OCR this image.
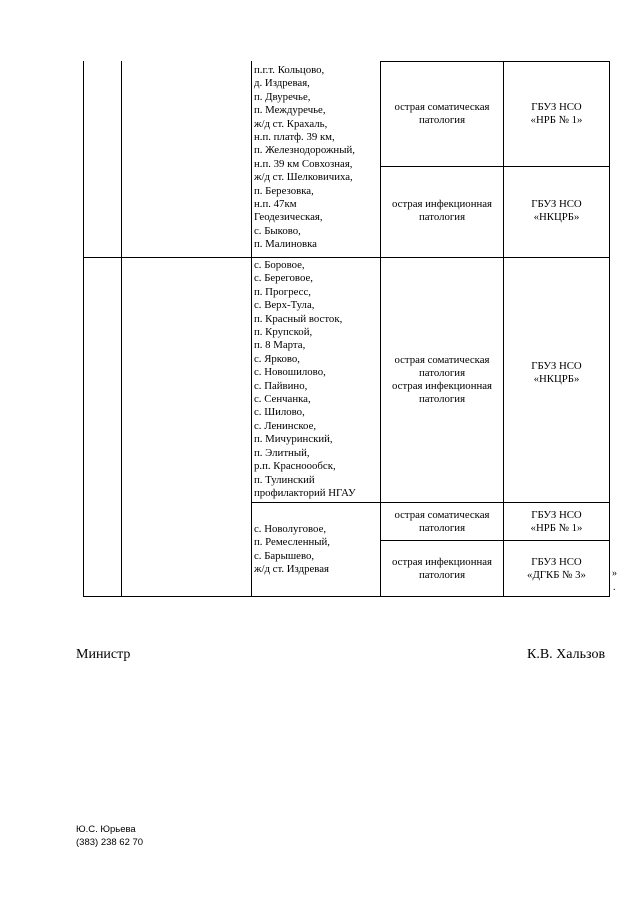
п.г.т. Кольцово,
д. Издревая,
п. Двуречье,
п. Междуречье,
ж/д ст. Крахаль,
н.п. платф. 39 км,
п. Железнодорожный,
н.п. 39 км Совхозная,
ж/д ст. Шелковичиха,
п. Березовка,
н.п. 47км
Геодезическая,
с. Быково,
п. Малиновка
острая соматическая
патология
ГБУЗ НСО
«НРБ № 1»
острая инфекционная
патология
ГБУЗ НСО
«НКЦРБ»
с. Боровое,
с. Береговое,
п. Прогресс,
с. Верх-Тула,
п. Красный восток,
п. Крупской,
п. 8 Марта,
с. Ярково,
с. Новошилово,
с. Пайвино,
с. Сенчанка,
с. Шилово,
с. Ленинское,
п. Мичуринский,
п. Элитный,
р.п. Краснооoбск,
п. Тулинский
профилакторий НГАУ
острая соматическая
патология
острая инфекционная
патология
ГБУЗ НСО
«НКЦРБ»
с. Новолуговое,
п. Ремесленный,
с. Барышево,
ж/д ст. Издревая
острая соматическая
патология
ГБУЗ НСО
«НРБ № 1»
острая инфекционная
патология
ГБУЗ НСО
«ДГКБ № 3»	»
.
Министр	К.В. Хальзов
Ю.С. Юрьева
(383) 238 62 70
